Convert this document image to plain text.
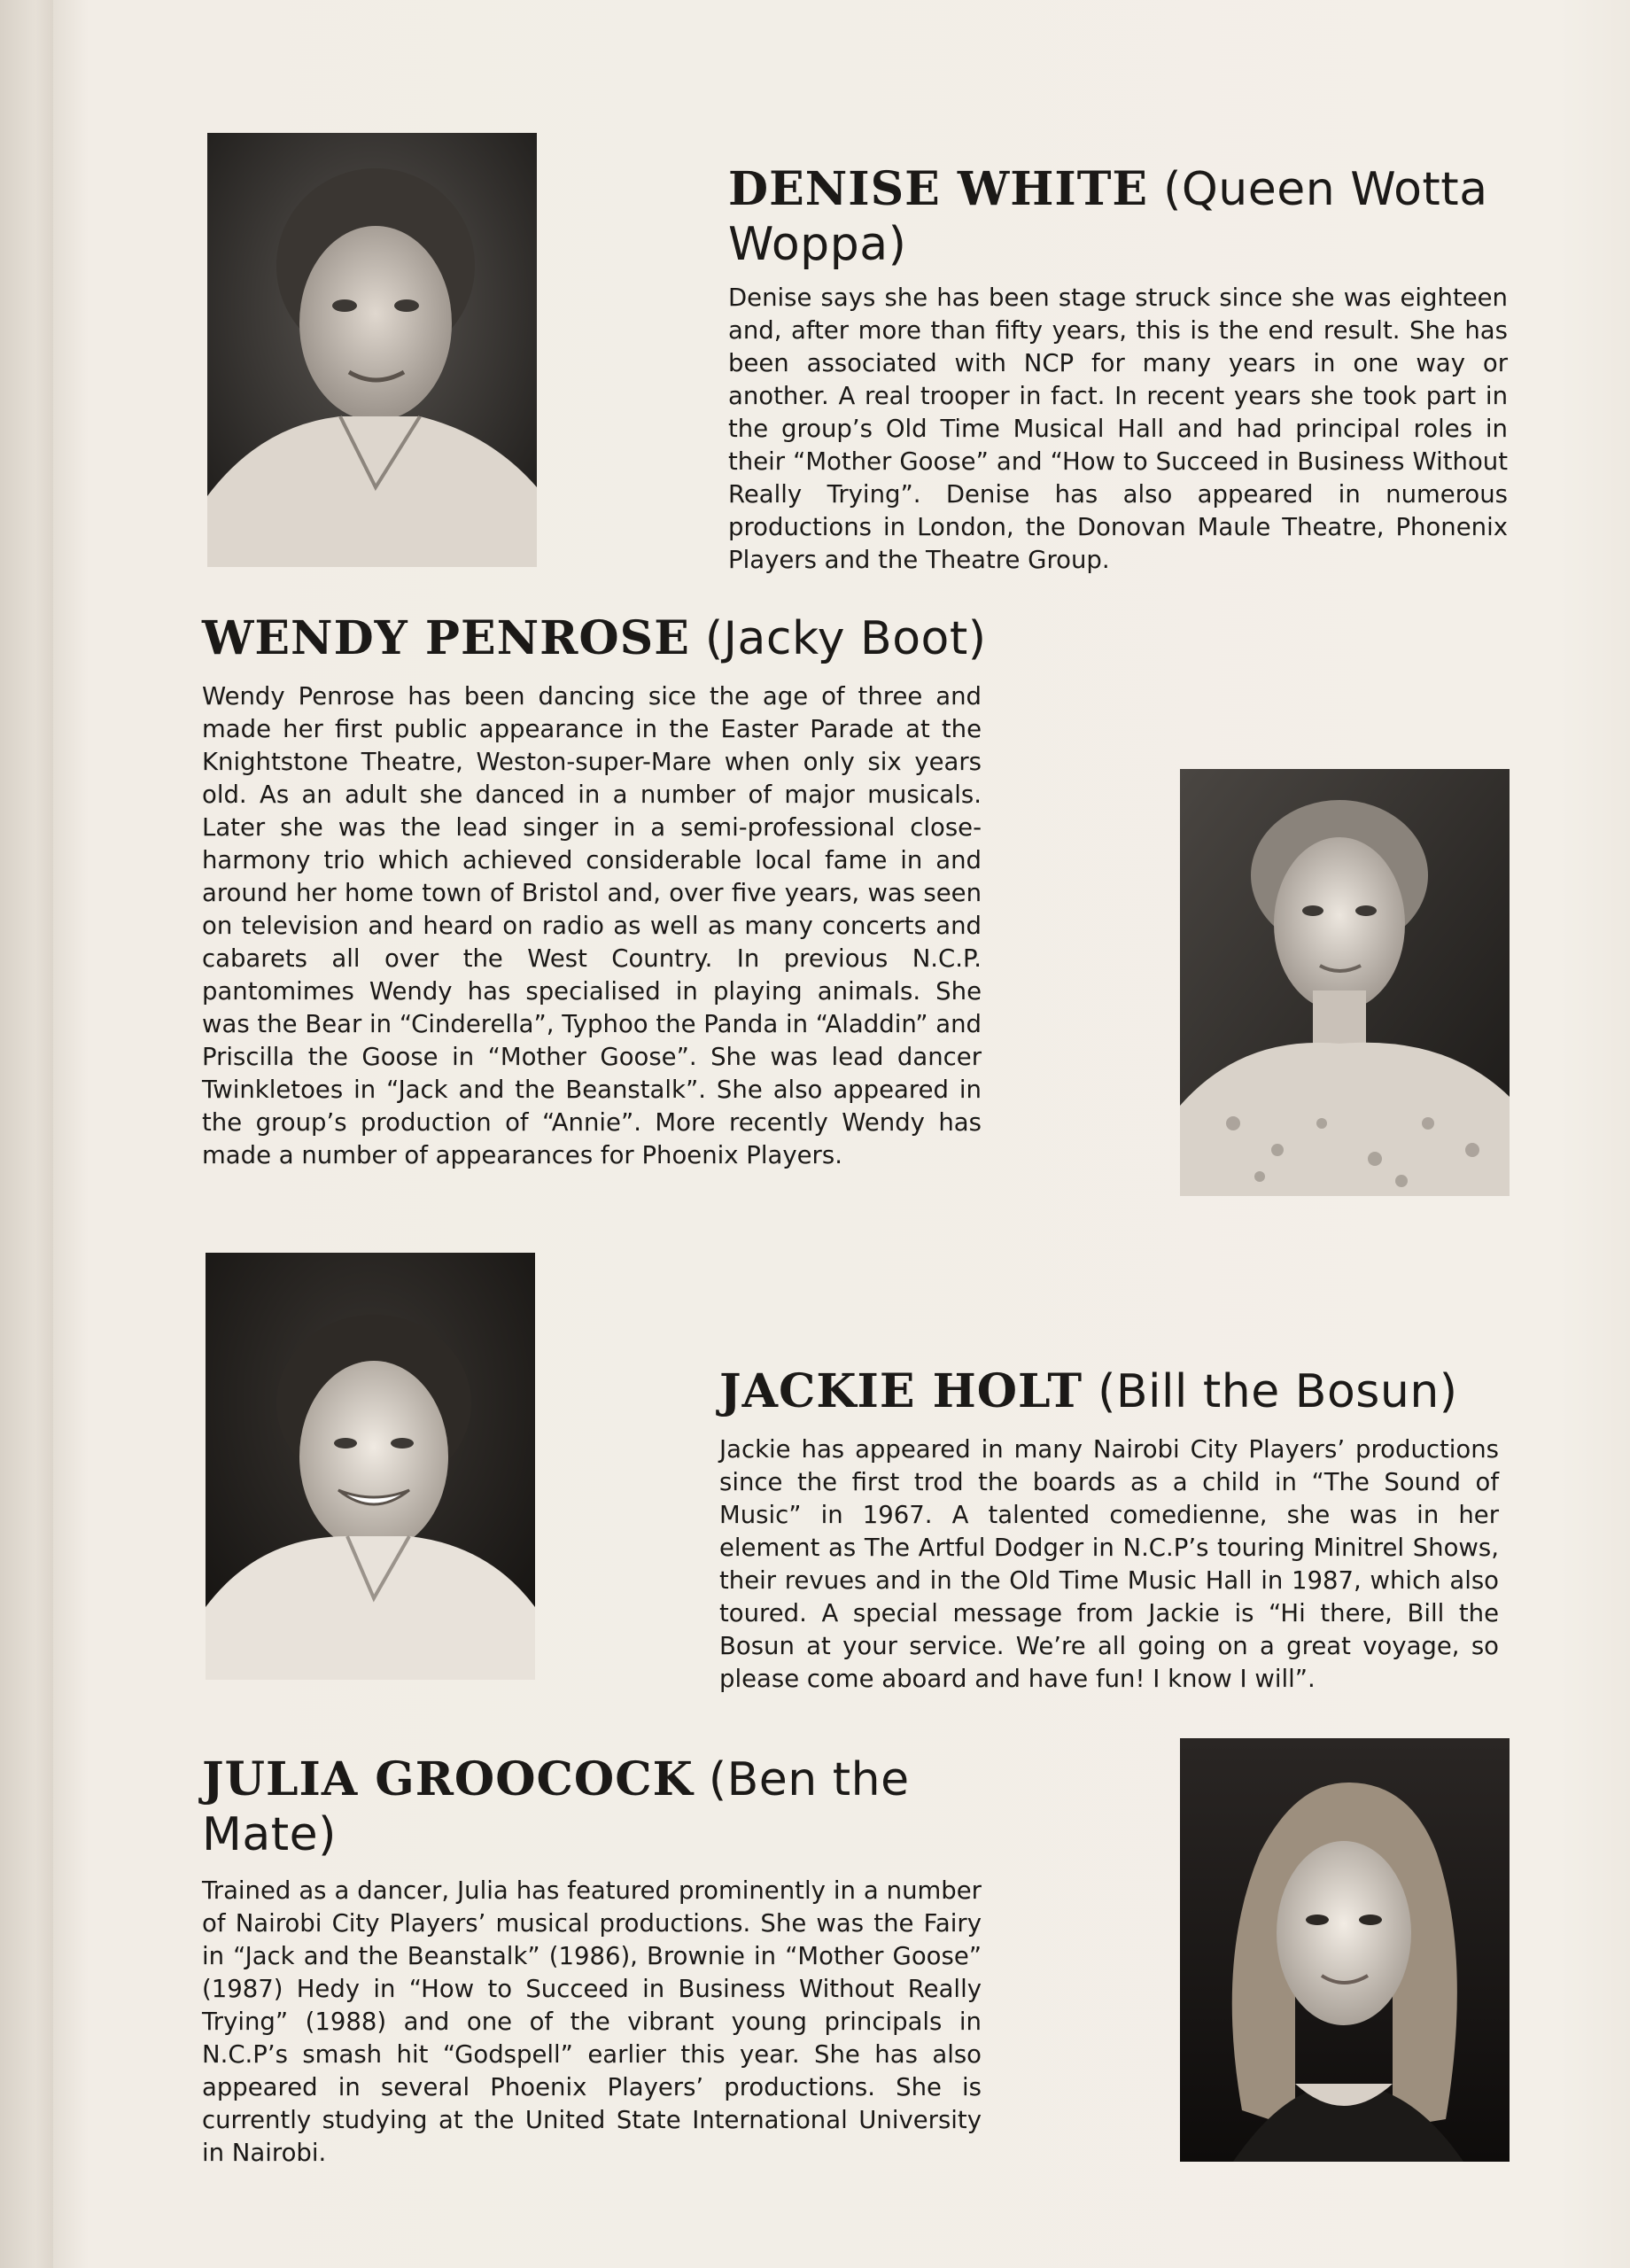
DENISE WHITE (Queen Wotta Woppa)

Denise says she has been stage struck since she was eighteen and, after more than fifty years, this is the end result. She has been associated with NCP for many years in one way or another. A real trooper in fact. In recent years she took part in the group’s Old Time Musical Hall and had principal roles in their “Mother Goose” and “How to Succeed in Business Without Really Trying”. Denise has also appeared in numerous productions in London, the Donovan Maule Theatre, Phonenix Players and the Theatre Group.

WENDY PENROSE (Jacky Boot)

Wendy Penrose has been dancing sice the age of three and made her first public appearance in the Easter Parade at the Knightstone Theatre, Weston-super-Mare when only six years old. As an adult she danced in a number of major musicals. Later she was the lead singer in a semi-professional close-harmony trio which achieved considerable local fame in and around her home town of Bristol and, over five years, was seen on television and heard on radio as well as many concerts and cabarets all over the West Country. In previous N.C.P. pantomimes Wendy has specialised in playing animals. She was the Bear in “Cinderella”, Typhoo the Panda in “Aladdin” and Priscilla the Goose in “Mother Goose”. She was lead dancer Twinkletoes in “Jack and the Beanstalk”. She also appeared in the group’s production of “Annie”. More recently Wendy has made a number of appearances for Phoenix Players.

JACKIE HOLT (Bill the Bosun)

Jackie has appeared in many Nairobi City Players’ productions since the first trod the boards as a child in “The Sound of Music” in 1967. A talented comedienne, she was in her element as The Artful Dodger in N.C.P’s touring Minitrel Shows, their revues and in the Old Time Music Hall in 1987, which also toured. A special message from Jackie is “Hi there, Bill the Bosun at your service. We’re all going on a great voyage, so please come aboard and have fun! I know I will”.

JULIA GROOCOCK (Ben the Mate)

Trained as a dancer, Julia has featured prominently in a number of Nairobi City Players’ musical productions. She was the Fairy in “Jack and the Beanstalk” (1986), Brownie in “Mother Goose” (1987) Hedy in “How to Succeed in Business Without Really Trying” (1988) and one of the vibrant young principals in N.C.P’s smash hit “Godspell” earlier this year. She has also appeared in several Phoenix Players’ productions. She is currently studying at the United State International University in Nairobi.
